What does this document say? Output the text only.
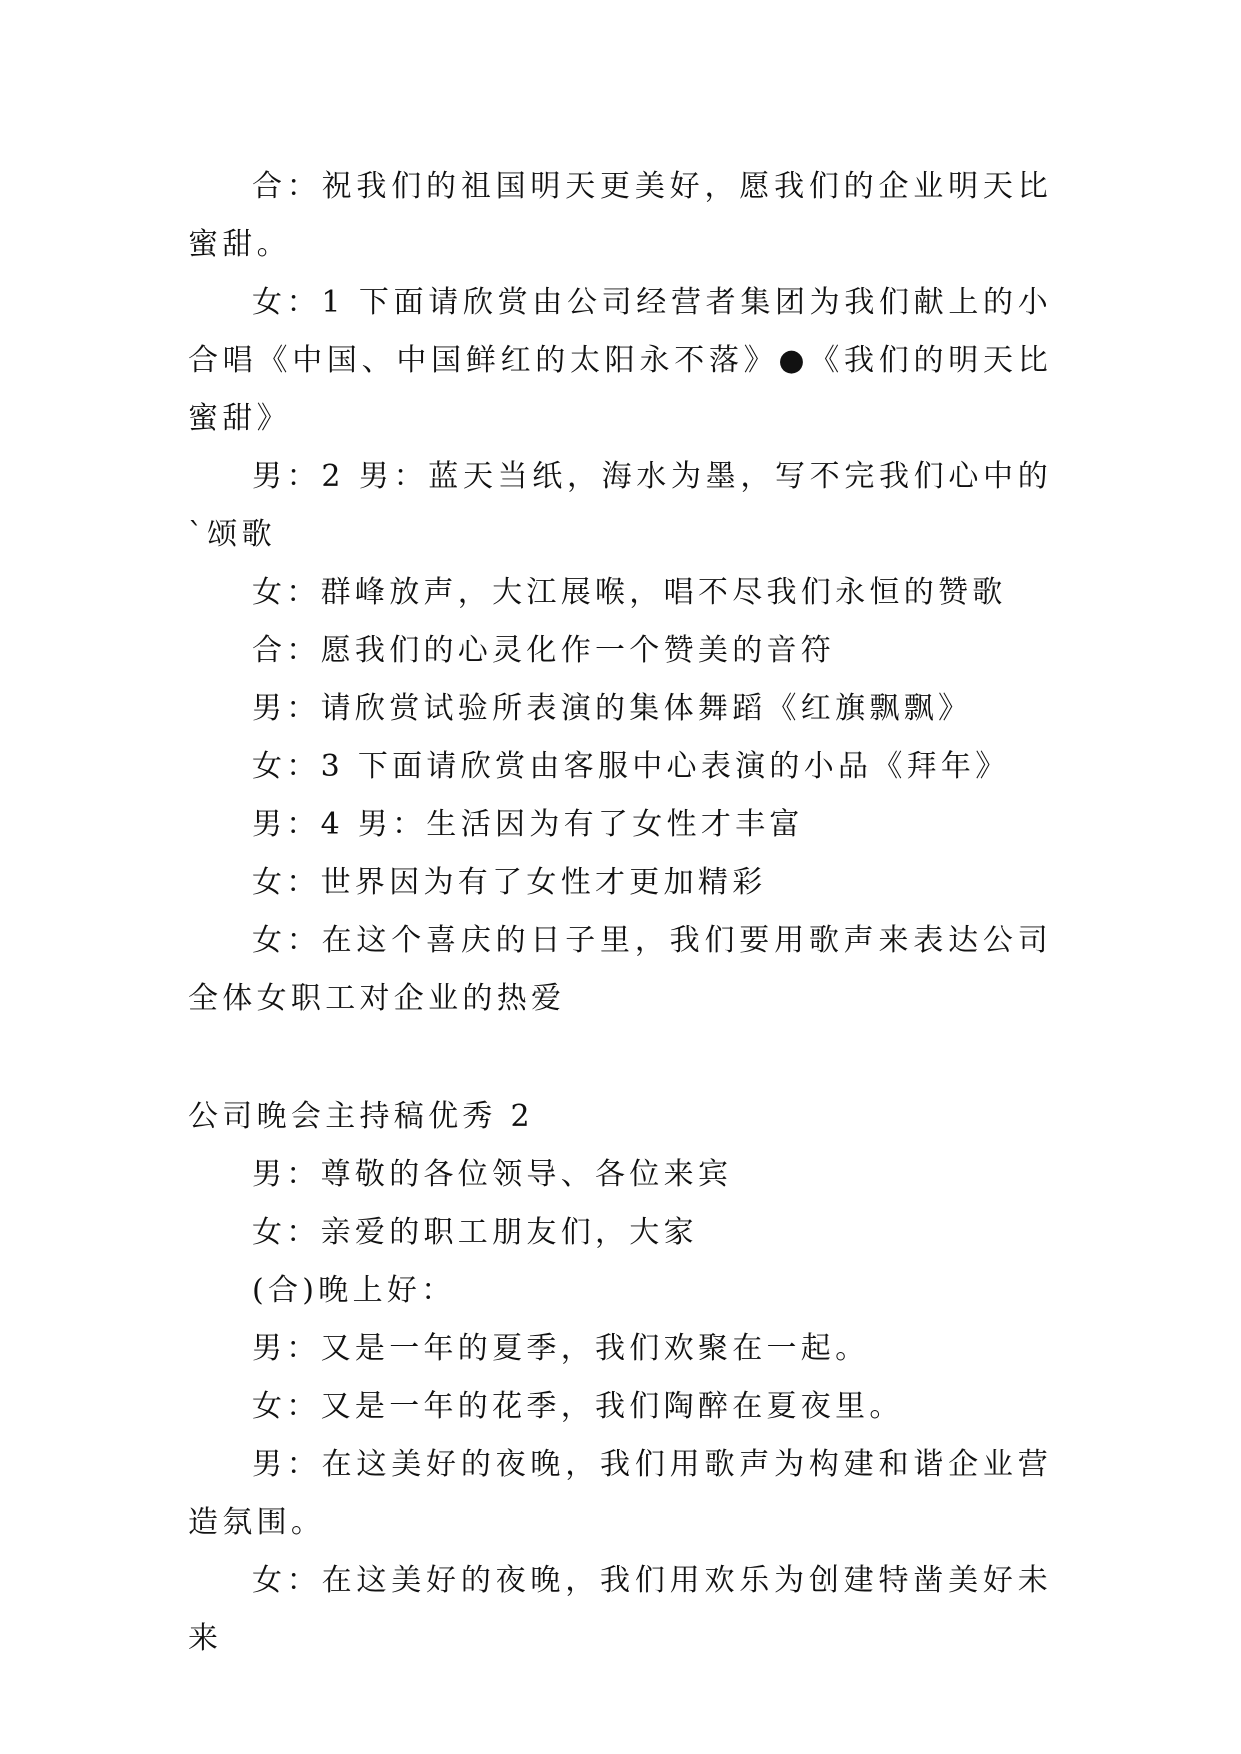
合：祝我们的祖国明天更美好，愿我们的企业明天比蜜甜。

女：1 下面请欣赏由公司经营者集团为我们献上的小合唱《中国、中国鲜红的太阳永不落》●《我们的明天比蜜甜》

男：2 男：蓝天当纸，海水为墨，写不完我们心中的`颂歌

女：群峰放声，大江展喉，唱不尽我们永恒的赞歌

合：愿我们的心灵化作一个赞美的音符

男：请欣赏试验所表演的集体舞蹈《红旗飘飘》

女：3 下面请欣赏由客服中心表演的小品《拜年》

男：4 男：生活因为有了女性才丰富

女：世界因为有了女性才更加精彩

女：在这个喜庆的日子里，我们要用歌声来表达公司全体女职工对企业的热爱

公司晚会主持稿优秀 2

男：尊敬的各位领导、各位来宾

女：亲爱的职工朋友们，大家

(合)晚上好：

男：又是一年的夏季，我们欢聚在一起。

女：又是一年的花季，我们陶醉在夏夜里。

男：在这美好的夜晚，我们用歌声为构建和谐企业营造氛围。

女：在这美好的夜晚，我们用欢乐为创建特凿美好未来
